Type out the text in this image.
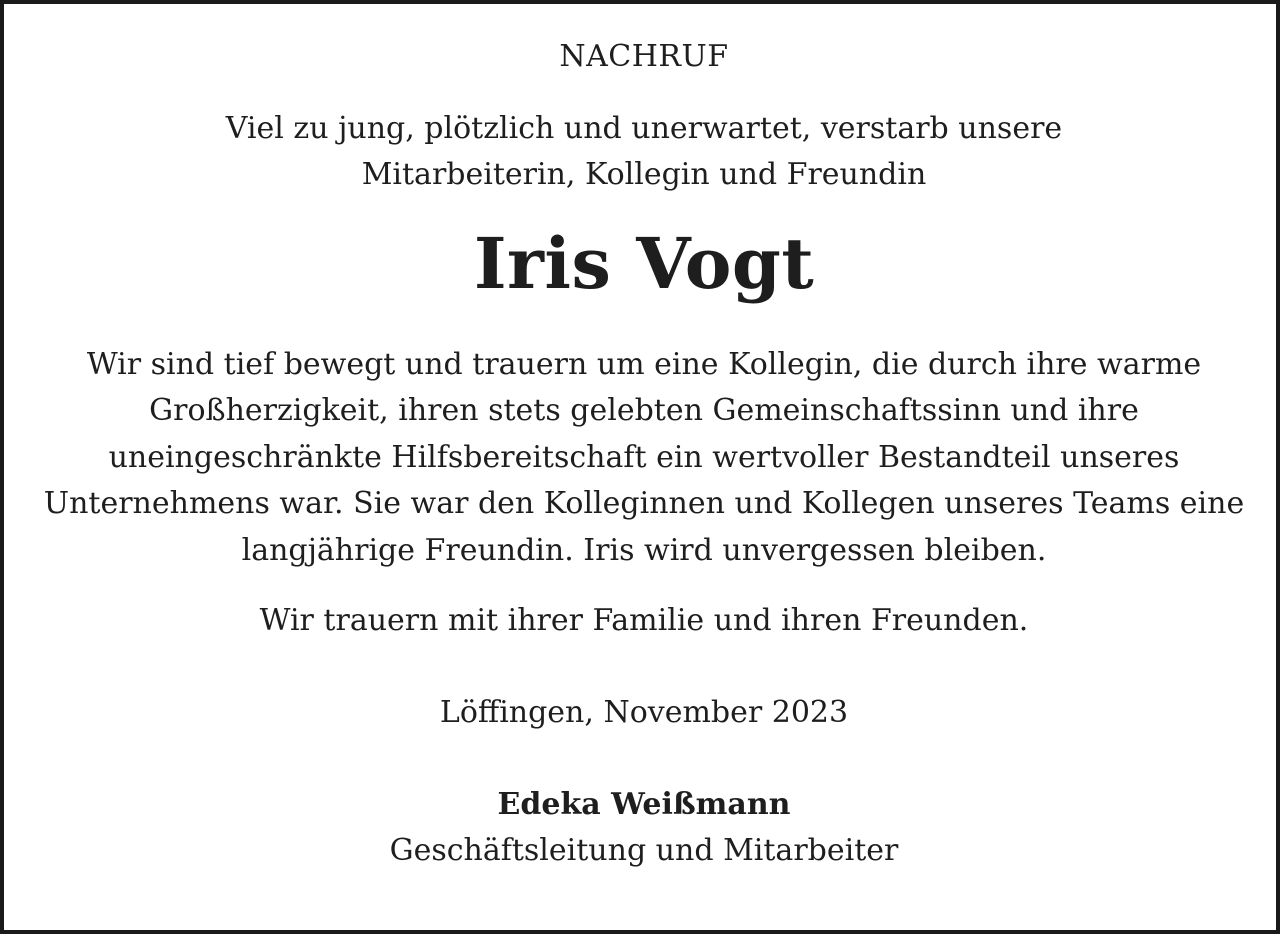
NACHRUF

Viel zu jung, plötzlich und unerwartet, verstarb unsere

Mitarbeiterin, Kollegin und Freundin

Iris Vogt

Wir sind tief bewegt und trauern um eine Kollegin, die durch ihre warme

Großherzigkeit, ihren stets gelebten Gemeinschaftssinn und ihre

uneingeschränkte Hilfsbereitschaft ein wertvoller Bestandteil unseres

Unternehmens war. Sie war den Kolleginnen und Kollegen unseres Teams eine

langjährige Freundin. Iris wird unvergessen bleiben.

Wir trauern mit ihrer Familie und ihren Freunden.

Löffingen, November 2023

Edeka Weißmann

Geschäftsleitung und Mitarbeiter
